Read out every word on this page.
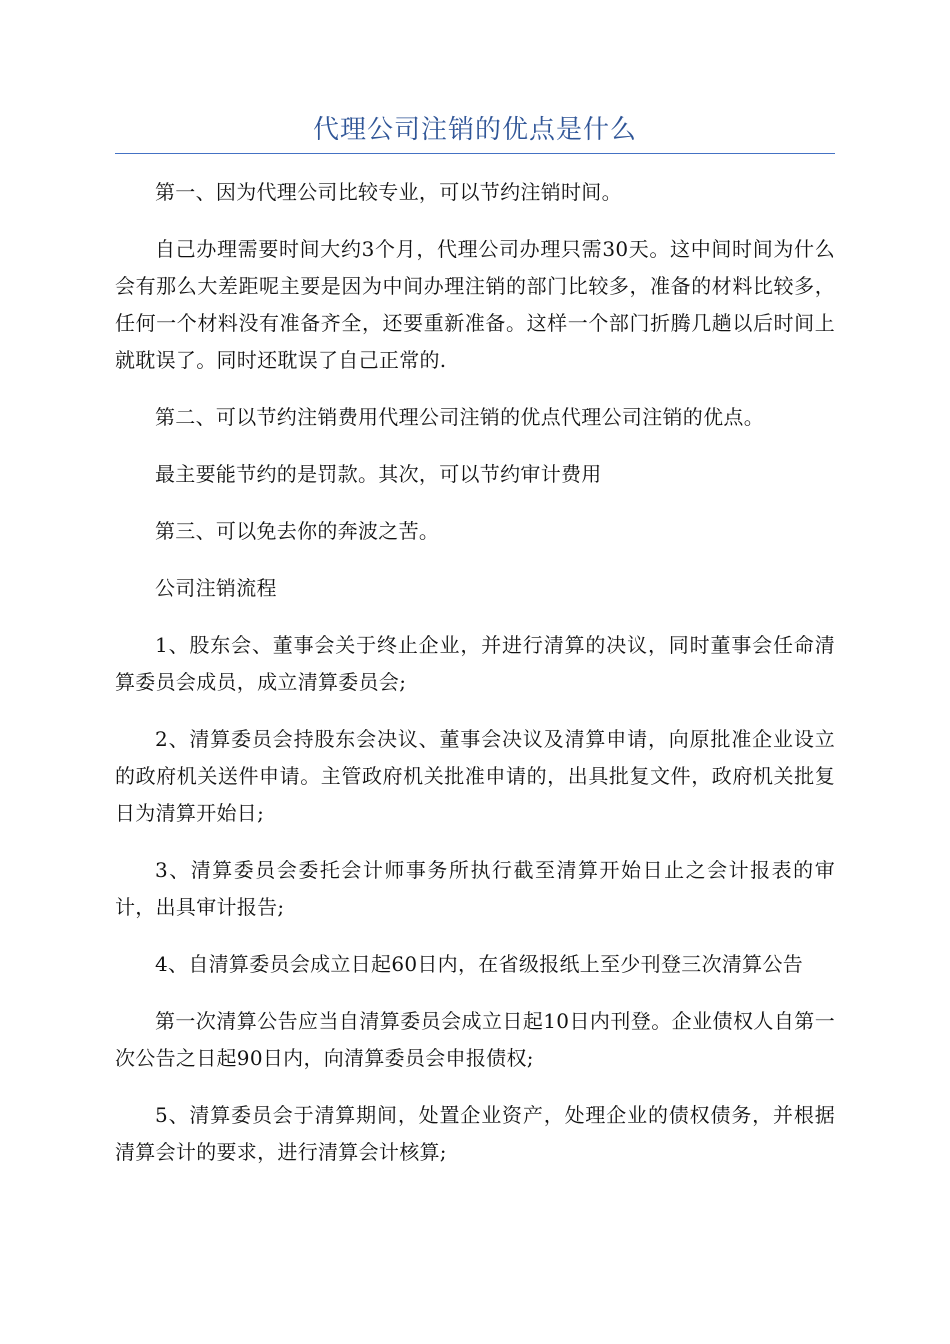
代理公司注销的优点是什么

第一、因为代理公司比较专业，可以节约注销时间。

自己办理需要时间大约3个月，代理公司办理只需30天。这中间时间为什么会有那么大差距呢主要是因为中间办理注销的部门比较多，准备的材料比较多，任何一个材料没有准备齐全，还要重新准备。这样一个部门折腾几趟以后时间上就耽误了。同时还耽误了自己正常的.

第二、可以节约注销费用代理公司注销的优点代理公司注销的优点。

最主要能节约的是罚款。其次，可以节约审计费用

第三、可以免去你的奔波之苦。

公司注销流程

1、股东会、董事会关于终止企业，并进行清算的决议，同时董事会任命清算委员会成员，成立清算委员会;

2、清算委员会持股东会决议、董事会决议及清算申请，向原批准企业设立的政府机关送件申请。主管政府机关批准申请的，出具批复文件，政府机关批复日为清算开始日;

3、清算委员会委托会计师事务所执行截至清算开始日止之会计报表的审计，出具审计报告;

4、自清算委员会成立日起60日内，在省级报纸上至少刊登三次清算公告

第一次清算公告应当自清算委员会成立日起10日内刊登。企业债权人自第一次公告之日起90日内，向清算委员会申报债权;

5、清算委员会于清算期间，处置企业资产，处理企业的债权债务，并根据清算会计的要求，进行清算会计核算;
